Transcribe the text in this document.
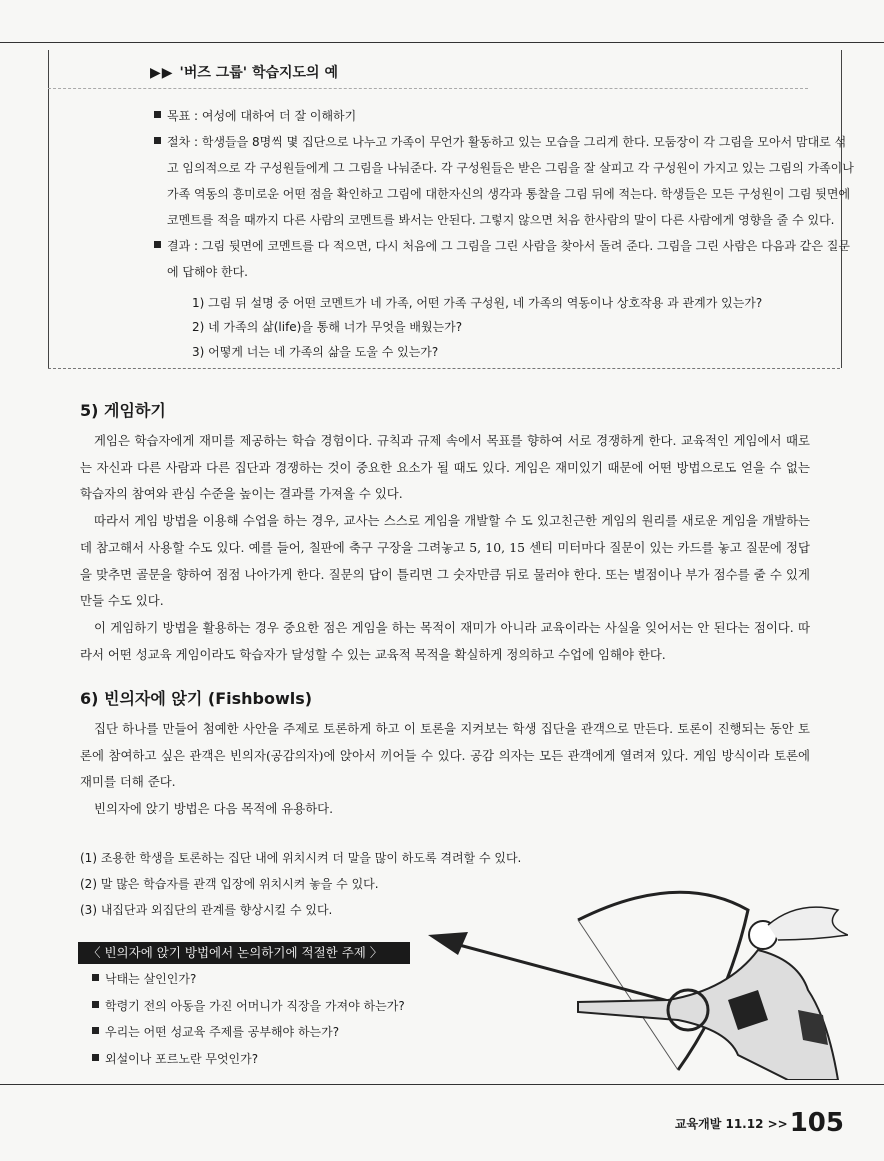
▶▶ '버즈 그룹' 학습지도의 예
목표 : 여성에 대하여 더 잘 이해하기
절차 : 학생들을 8명씩 몇 집단으로 나누고 가족이 무언가 활동하고 있는 모습을 그리게 한다. 모둠장이 각 그림을 모아서 맘대로 섞
고 임의적으로 각 구성원들에게 그 그림을 나눠준다. 각 구성원들은 받은 그림을 잘 살피고 각 구성원이 가지고 있는 그림의 가족이나
가족 역동의 흥미로운 어떤 점을 확인하고 그림에 대한자신의 생각과 통찰을 그림 뒤에 적는다. 학생들은 모든 구성원이 그림 뒷면에
코멘트를 적을 때까지 다른 사람의 코멘트를 봐서는 안된다. 그렇지 않으면 처음 한사람의 말이 다른 사람에게 영향을 줄 수 있다.
결과 : 그림 뒷면에 코멘트를 다 적으면, 다시 처음에 그 그림을 그린 사람을 찾아서 돌려 준다. 그림을 그린 사람은 다음과 같은 질문
에 답해야 한다.
1) 그림 뒤 설명 중 어떤 코멘트가 네 가족, 어떤 가족 구성원, 네 가족의 역동이나 상호작용 과 관계가 있는가?
2) 네 가족의 삶(life)을 통해 너가 무엇을 배웠는가?
3) 어떻게 너는 네 가족의 삶을 도울 수 있는가?
5) 게임하기

게임은 학습자에게 재미를 제공하는 학습 경험이다. 규칙과 규제 속에서 목표를 향하여 서로 경쟁하게 한다. 교육적인 게임에서 때로는 자신과 다른 사람과 다른 집단과 경쟁하는 것이 중요한 요소가 될 때도 있다. 게임은 재미있기 때문에 어떤 방법으로도 얻을 수 없는 학습자의 참여와 관심 수준을 높이는 결과를 가져올 수 있다.

따라서 게임 방법을 이용해 수업을 하는 경우, 교사는 스스로 게임을 개발할 수 도 있고친근한 게임의 원리를 새로운 게임을 개발하는데 참고해서 사용할 수도 있다. 예를 들어, 칠판에 축구 구장을 그려놓고 5, 10, 15 센티 미터마다 질문이 있는 카드를 놓고 질문에 정답을 맞추면 골문을 향하여 점점 나아가게 한다. 질문의 답이 틀리면 그 숫자만큼 뒤로 물러야 한다. 또는 벌점이나 부가 점수를 줄 수 있게 만들 수도 있다.

이 게임하기 방법을 활용하는 경우 중요한 점은 게임을 하는 목적이 재미가 아니라 교육이라는 사실을 잊어서는 안 된다는 점이다. 따라서 어떤 성교육 게임이라도 학습자가 달성할 수 있는 교육적 목적을 확실하게 정의하고 수업에 임해야 한다.

6) 빈의자에 앉기 (Fishbowls)

집단 하나를 만들어 첨예한 사안을 주제로 토론하게 하고 이 토론을 지켜보는 학생 집단을 관객으로 만든다. 토론이 진행되는 동안 토론에 참여하고 싶은 관객은 빈의자(공감의자)에 앉아서 끼어들 수 있다. 공감 의자는 모든 관객에게 열려져 있다. 게임 방식이라 토론에 재미를 더해 준다.

빈의자에 앉기 방법은 다음 목적에 유용하다.

(1) 조용한 학생을 토론하는 집단 내에 위치시켜 더 말을 많이 하도록 격려할 수 있다.
(2) 말 많은 학습자를 관객 입장에 위치시켜 놓을 수 있다.
(3) 내집단과 외집단의 관계를 향상시킬 수 있다.
〈 빈의자에 앉기 방법에서 논의하기에 적절한 주제 〉
낙태는 살인인가?
학령기 전의 아동을 가진 어머니가 직장을 가져야 하는가?
우리는 어떤 성교육 주제를 공부해야 하는가?
외설이나 포르노란 무엇인가?
교육개발 11.12 >>105
